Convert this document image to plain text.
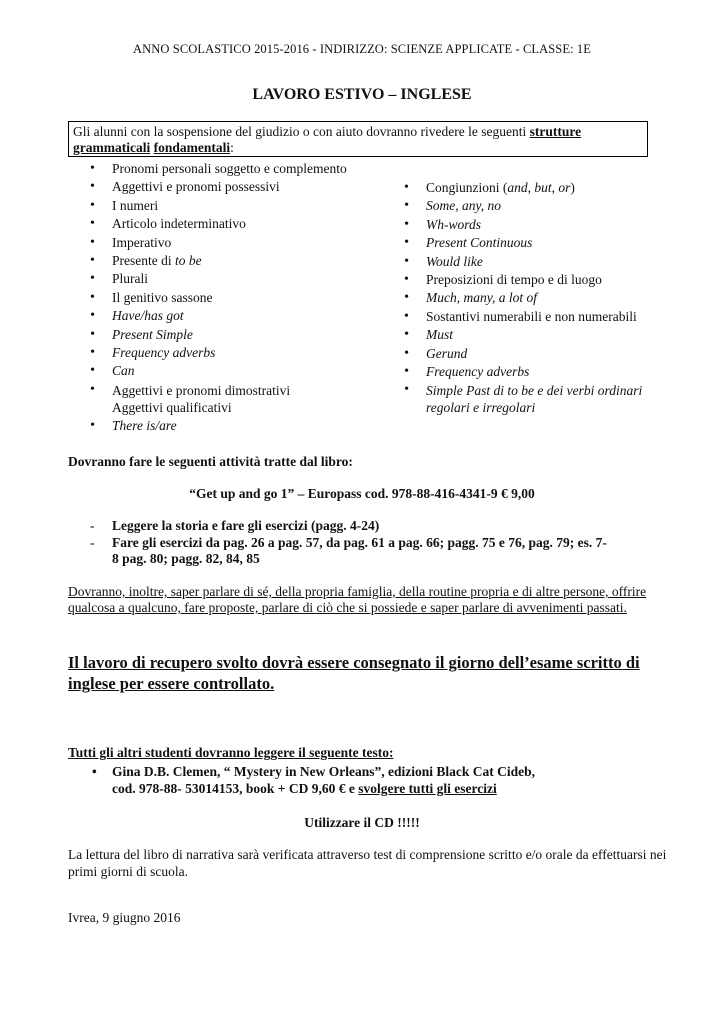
ANNO SCOLASTICO 2015-2016 - INDIRIZZO: SCIENZE APPLICATE - CLASSE: 1E
LAVORO ESTIVO – INGLESE
Gli alunni con la sospensione del giudizio o con aiuto dovranno rivedere le seguenti strutture
grammaticali fondamentali:
• Pronomi personali soggetto e complemento
• Aggettivi e pronomi possessivi
• I numeri
• Articolo indeterminativo
• Imperativo
• Presente di to be
• Plurali
• Il genitivo sassone
• Have/has got
• Present Simple
• Frequency adverbs
• Can
• Aggettivi e pronomi dimostrativi
Aggettivi qualificativi
• There is/are
• Congiunzioni (and, but, or)
• Some, any, no
• Wh-words
• Present Continuous
• Would like
• Preposizioni di tempo e di luogo
• Much, many, a lot of
• Sostantivi numerabili e non numerabili
• Must
• Gerund
• Frequency adverbs
• Simple Past di to be e dei verbi ordinari
regolari e irregolari
Dovranno fare le seguenti attività tratte dal libro:
“Get up and go 1” – Europass cod. 978-88-416-4341-9 € 9,00
- Leggere la storia e fare gli esercizi (pagg. 4-24)
- Fare gli esercizi da pag. 26 a pag. 57, da pag. 61 a pag. 66; pagg. 75 e 76, pag. 79; es. 7-8 pag. 80; pagg. 82, 84, 85
Dovranno, inoltre, saper parlare di sé, della propria famiglia, della routine propria e di altre persone, offrire qualcosa a qualcuno, fare proposte, parlare di ciò che si possiede e saper parlare di avvenimenti passati.
Il lavoro di recupero svolto dovrà essere consegnato il giorno dell’esame scritto di inglese per essere controllato.
Tutti gli altri studenti dovranno leggere il seguente testo:
• Gina D.B. Clemen, “ Mystery in New Orleans”, edizioni Black Cat Cideb,
cod. 978-88- 53014153, book + CD 9,60 € e svolgere tutti gli esercizi
Utilizzare il CD !!!!!
La lettura del libro di narrativa sarà verificata attraverso test di comprensione scritto e/o orale da effettuarsi nei primi giorni di scuola.
Ivrea, 9 giugno 2016
